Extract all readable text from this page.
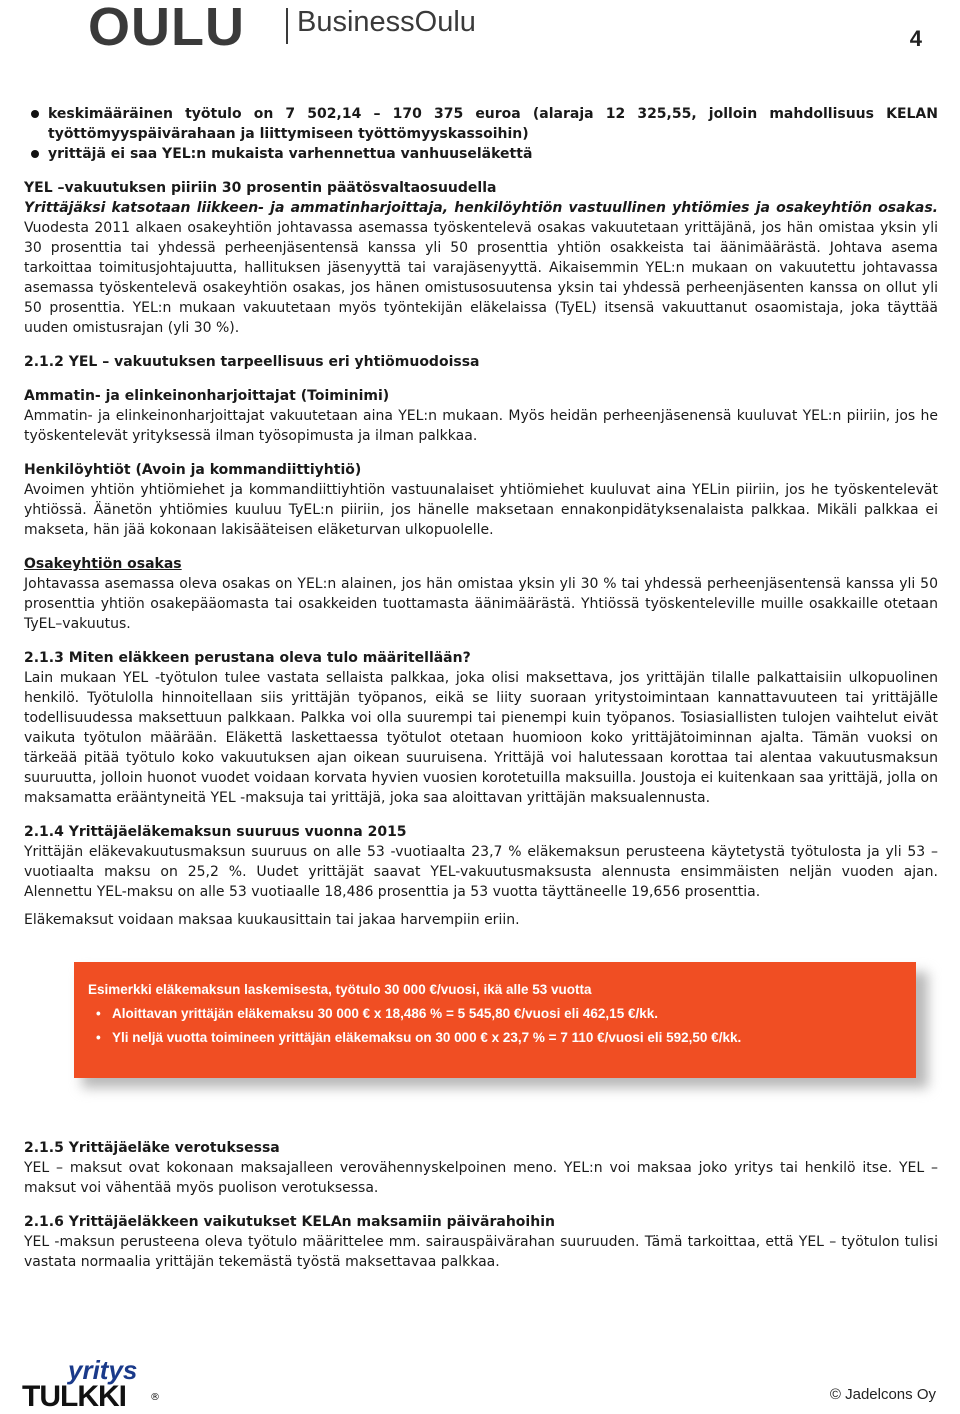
OULU BusinessOulu
4

keskimääräinen työtulo on 7 502,14 – 170 375 euroa (alaraja 12 325,55, jolloin mahdollisuus KELAN työttömyyspäivärahaan ja liittymiseen työttömyyskassoihin)

yrittäjä ei saa YEL:n mukaista varhennettua vanhuuseläkettä

YEL –vakuutuksen piiriin 30 prosentin päätösvaltaosuudella

Yrittäjäksi katsotaan liikkeen- ja ammatinharjoittaja, henkilöyhtiön vastuullinen yhtiömies ja osakeyhtiön osakas. Vuodesta 2011 alkaen osakeyhtiön johtavassa asemassa työskentelevä osakas vakuutetaan yrittäjänä, jos hän omistaa yksin yli 30 prosenttia tai yhdessä perheenjäsentensä kanssa yli 50 prosenttia yhtiön osakkeista tai äänimäärästä. Johtava asema tarkoittaa toimitusjohtajuutta, hallituksen jäsenyyttä tai varajäsenyyttä. Aikaisemmin YEL:n mukaan on vakuutettu johtavassa asemassa työskentelevä osakeyhtiön osakas, jos hänen omistusosuutensa yksin tai yhdessä perheenjäsenten kanssa on ollut yli 50 prosenttia. YEL:n mukaan vakuutetaan myös työntekijän eläkelaissa (TyEL) itsensä vakuuttanut osaomistaja, joka täyttää uuden omistusrajan (yli 30 %).

2.1.2 YEL – vakuutuksen tarpeellisuus eri yhtiömuodoissa

Ammatin- ja elinkeinonharjoittajat (Toiminimi)

Ammatin- ja elinkeinonharjoittajat vakuutetaan aina YEL:n mukaan. Myös heidän perheenjäsenensä kuuluvat YEL:n piiriin, jos he työskentelevät yrityksessä ilman työsopimusta ja ilman palkkaa.

Henkilöyhtiöt (Avoin ja kommandiittiyhtiö)

Avoimen yhtiön yhtiömiehet ja kommandiittiyhtiön vastuunalaiset yhtiömiehet kuuluvat aina YELin piiriin, jos he työskentelevät yhtiössä. Äänetön yhtiömies kuuluu TyEL:n piiriin, jos hänelle maksetaan ennakonpidätyksenalaista palkkaa. Mikäli palkkaa ei makseta, hän jää kokonaan lakisääteisen eläketurvan ulkopuolelle.

Osakeyhtiön osakas

Johtavassa asemassa oleva osakas on YEL:n alainen, jos hän omistaa yksin yli 30 % tai yhdessä perheenjäsentensä kanssa yli 50 prosenttia yhtiön osakepääomasta tai osakkeiden tuottamasta äänimäärästä. Yhtiössä työskenteleville muille osakkaille otetaan TyEL–vakuutus.

2.1.3 Miten eläkkeen perustana oleva tulo määritellään?

Lain mukaan YEL -työtulon tulee vastata sellaista palkkaa, joka olisi maksettava, jos yrittäjän tilalle palkattaisiin ulkopuolinen henkilö. Työtulolla hinnoitellaan siis yrittäjän työpanos, eikä se liity suoraan yritystoimintaan kannattavuuteen tai yrittäjälle todellisuudessa maksettuun palkkaan. Palkka voi olla suurempi tai pienempi kuin työpanos. Tosiasiallisten tulojen vaihtelut eivät vaikuta työtulon määrään. Eläkettä laskettaessa työtulot otetaan huomioon koko yrittäjätoiminnan ajalta. Tämän vuoksi on tärkeää pitää työtulo koko vakuutuksen ajan oikean suuruisena. Yrittäjä voi halutessaan korottaa tai alentaa vakuutusmaksun suuruutta, jolloin huonot vuodet voidaan korvata hyvien vuosien korotetuilla maksuilla. Joustoja ei kuitenkaan saa yrittäjä, jolla on maksamatta erääntyneitä YEL -maksuja tai yrittäjä, joka saa aloittavan yrittäjän maksualennusta.

2.1.4 Yrittäjäeläkemaksun suuruus vuonna 2015

Yrittäjän eläkevakuutusmaksun suuruus on alle 53 -vuotiaalta 23,7 % eläkemaksun perusteena käytetystä työtulosta ja yli 53 – vuotiaalta maksu on 25,2 %. Uudet yrittäjät saavat YEL-vakuutusmaksusta alennusta ensimmäisten neljän vuoden ajan. Alennettu YEL-maksu on alle 53 vuotiaalle 18,486 prosenttia ja 53 vuotta täyttäneelle 19,656 prosenttia.

Eläkemaksut voidaan maksaa kuukausittain tai jakaa harvempiin eriin.

Esimerkki eläkemaksun laskemisesta, työtulo 30 000 €/vuosi, ikä alle 53 vuotta
• Aloittavan yrittäjän eläkemaksu 30 000 € x 18,486 % = 5 545,80 €/vuosi eli 462,15 €/kk.
• Yli neljä vuotta toimineen yrittäjän eläkemaksu on 30 000 € x 23,7 % = 7 110 €/vuosi eli 592,50 €/kk.

2.1.5 Yrittäjäeläke verotuksessa

YEL – maksut ovat kokonaan maksajalleen verovähennyskelpoinen meno. YEL:n voi maksaa joko yritys tai henkilö itse. YEL – maksut voi vähentää myös puolison verotuksessa.

2.1.6 Yrittäjäeläkkeen vaikutukset KELAn maksamiin päivärahoihin

YEL -maksun perusteena oleva työtulo määrittelee mm. sairauspäivärahan suuruuden. Tämä tarkoittaa, että YEL – työtulon tulisi vastata normaalia yrittäjän tekemästä työstä maksettavaa palkkaa.

yritys
TULKKI ®	© Jadelcons Oy
